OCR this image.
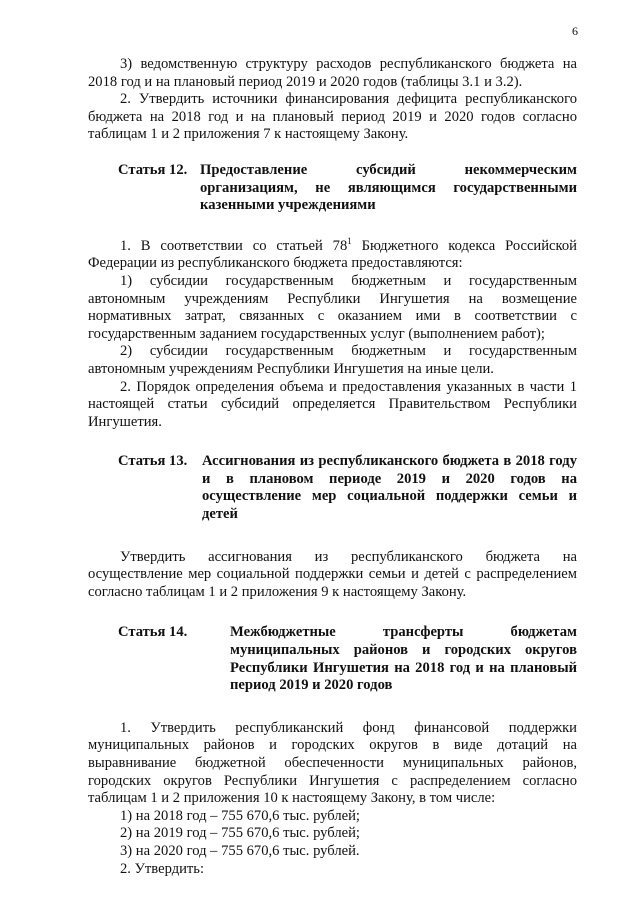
6

3) ведомственную структуру расходов республиканского бюджета на 2018 год и на плановый период 2019 и 2020 годов (таблицы 3.1 и 3.2).

2. Утвердить источники финансирования дефицита республиканского бюджета на 2018 год и на плановый период 2019 и 2020 годов согласно таблицам 1 и 2 приложения 7 к настоящему Закону.

Статья 12. Предоставление субсидий некоммерческим организациям, не являющимся государственными казенными учреждениями

1. В соответствии со статьей $78^1$ Бюджетного кодекса Российской Федерации из республиканского бюджета предоставляются:

1) субсидии государственным бюджетным и государственным автономным учреждениям Республики Ингушетия на возмещение нормативных затрат, связанных с оказанием ими в соответствии с государственным заданием государственных услуг (выполнением работ);

2) субсидии государственным бюджетным и государственным автономным учреждениям Республики Ингушетия на иные цели.

2. Порядок определения объема и предоставления указанных в части 1 настоящей статьи субсидий определяется Правительством Республики Ингушетия.

Статья 13.	Ассигнования из республиканского бюджета в 2018 году и в плановом периоде 2019 и 2020 годов на осуществление мер социальной поддержки семьи и детей

Утвердить ассигнования из республиканского бюджета на осуществление мер социальной поддержки семьи и детей с распределением согласно таблицам 1 и 2 приложения 9 к настоящему Закону.

Статья 14.	Межбюджетные трансферты бюджетам муниципальных районов и городских округов Республики Ингушетия на 2018 год и на плановый период 2019 и 2020 годов

1. Утвердить республиканский фонд финансовой поддержки муниципальных районов и городских округов в виде дотаций на выравнивание бюджетной обеспеченности муниципальных районов, городских округов Республики Ингушетия с распределением согласно таблицам 1 и 2 приложения 10 к настоящему Закону, в том числе:

1) на 2018 год – 755 670,6 тыс. рублей;

2) на 2019 год – 755 670,6 тыс. рублей;

3) на 2020 год – 755 670,6 тыс. рублей.

2. Утвердить:
